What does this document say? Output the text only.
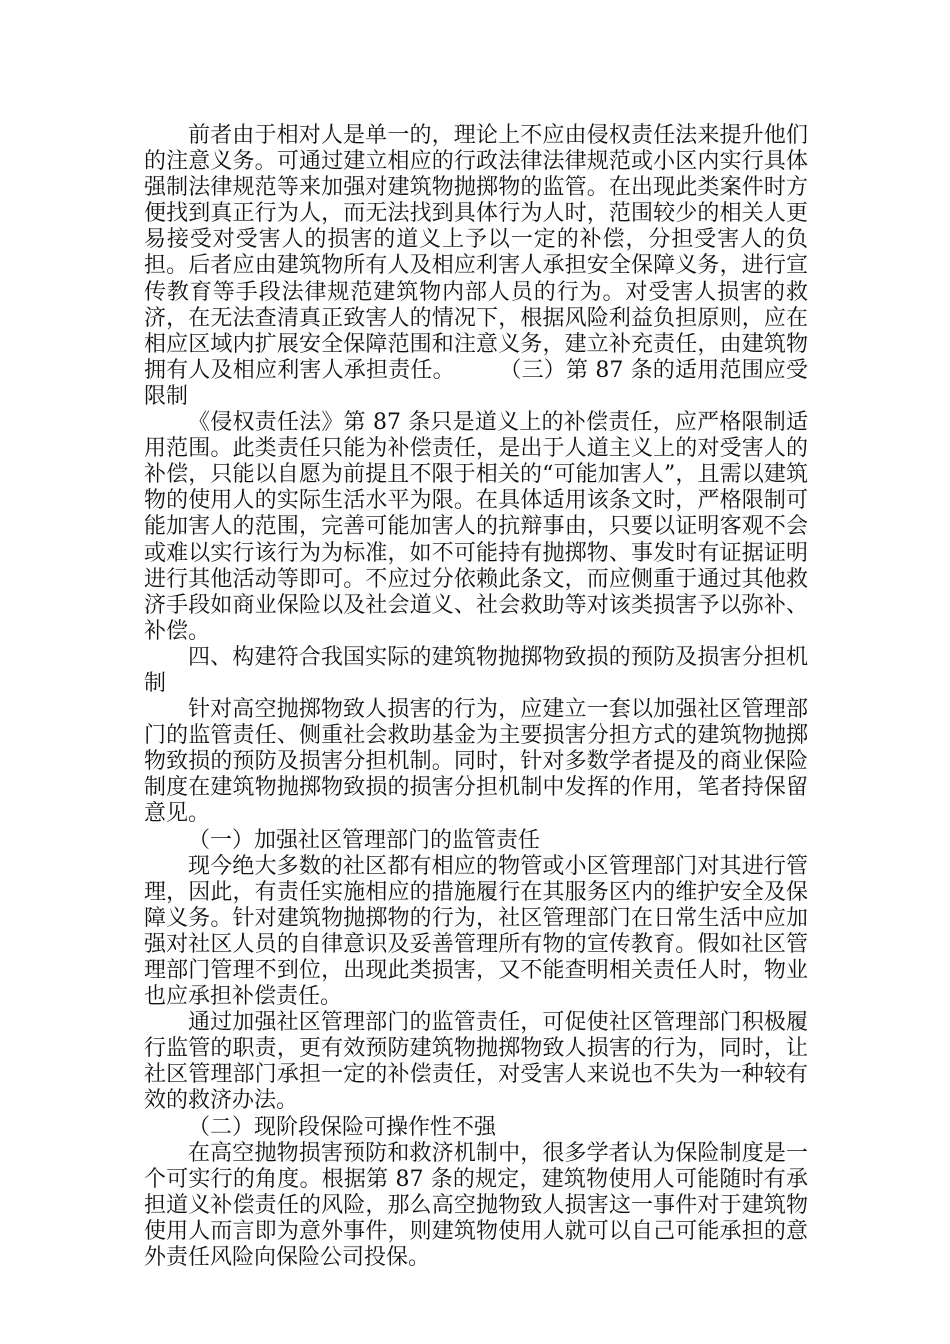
前者由于相对人是单一的，理论上不应由侵权责任法来提升他们的注意义务。可通过建立相应的行政法律法律规范或小区内实行具体强制法律规范等来加强对建筑物抛掷物的监管。在出现此类案件时方便找到真正行为人，而无法找到具体行为人时，范围较少的相关人更易接受对受害人的损害的道义上予以一定的补偿，分担受害人的负担。后者应由建筑物所有人及相应利害人承担安全保障义务，进行宣传教育等手段法律规范建筑物内部人员的行为。对受害人损害的救济，在无法查清真正致害人的情况下，根据风险利益负担原则，应在相应区域内扩展安全保障范围和注意义务，建立补充责任，由建筑物拥有人及相应利害人承担责任。　　　（三）第 87 条的适用范围应受限制

《侵权责任法》第 87 条只是道义上的补偿责任，应严格限制适用范围。此类责任只能为补偿责任，是出于人道主义上的对受害人的补偿，只能以自愿为前提且不限于相关的“可能加害人”，且需以建筑物的使用人的实际生活水平为限。在具体适用该条文时，严格限制可能加害人的范围，完善可能加害人的抗辩事由，只要以证明客观不会或难以实行该行为为标准，如不可能持有抛掷物、事发时有证据证明进行其他活动等即可。不应过分依赖此条文，而应侧重于通过其他救济手段如商业保险以及社会道义、社会救助等对该类损害予以弥补、补偿。

四、构建符合我国实际的建筑物抛掷物致损的预防及损害分担机制

针对高空抛掷物致人损害的行为，应建立一套以加强社区管理部门的监管责任、侧重社会救助基金为主要损害分担方式的建筑物抛掷物致损的预防及损害分担机制。同时，针对多数学者提及的商业保险制度在建筑物抛掷物致损的损害分担机制中发挥的作用，笔者持保留意见。

（一）加强社区管理部门的监管责任

现今绝大多数的社区都有相应的物管或小区管理部门对其进行管理，因此，有责任实施相应的措施履行在其服务区内的维护安全及保障义务。针对建筑物抛掷物的行为，社区管理部门在日常生活中应加强对社区人员的自律意识及妥善管理所有物的宣传教育。假如社区管理部门管理不到位，出现此类损害，又不能查明相关责任人时，物业也应承担补偿责任。

通过加强社区管理部门的监管责任，可促使社区管理部门积极履行监管的职责，更有效预防建筑物抛掷物致人损害的行为，同时，让社区管理部门承担一定的补偿责任，对受害人来说也不失为一种较有效的救济办法。

（二）现阶段保险可操作性不强

在高空抛物损害预防和救济机制中，很多学者认为保险制度是一个可实行的角度。根据第 87 条的规定，建筑物使用人可能随时有承担道义补偿责任的风险，那么高空抛物致人损害这一事件对于建筑物使用人而言即为意外事件，则建筑物使用人就可以自己可能承担的意外责任风险向保险公司投保。
